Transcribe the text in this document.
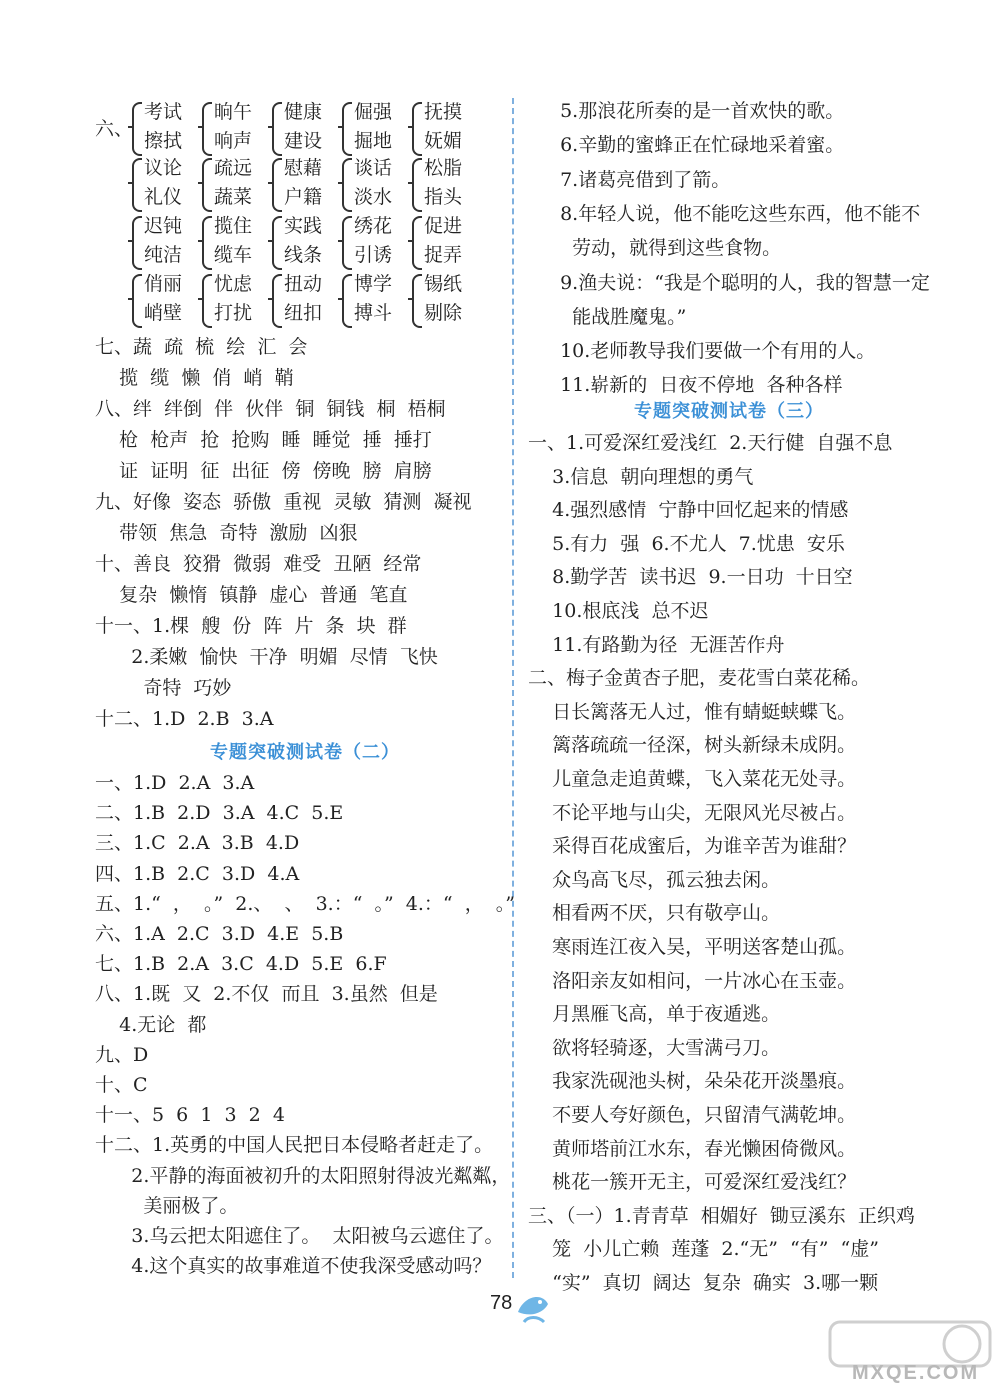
六、
考试
擦拭
晌午
响声
健康
建设
倔强
掘地
抚摸
妩媚
议论
礼仪
疏远
蔬菜
慰藉
户籍
谈话
淡水
松脂
指头
迟钝
纯洁
揽住
缆车
实践
线条
绣花
引诱
促进
捉弄
俏丽
峭壁
忧虑
打扰
扭动
纽扣
博学
搏斗
锡纸
剔除
七、蔬  疏  梳  绘  汇  会
揽  缆  懒  俏  峭  鞘
八、绊  绊倒  伴  伙伴  铜  铜钱  桐  梧桐
枪  枪声  抢  抢购  睡  睡觉  捶  捶打
证  证明  征  出征  傍  傍晚  膀  肩膀
九、好像  姿态  骄傲  重视  灵敏  猜测  凝视
带领  焦急  奇特  激励  凶狠
十、善良  狡猾  微弱  难受  丑陋  经常
复杂  懒惰  镇静  虚心  普通  笔直
十一、1.棵  艘  份  阵  片  条  块  群
2.柔嫩  愉快  干净  明媚  尽情  飞快
奇特  巧妙
十二、1.D  2.B  3.A
一、1.D  2.A  3.A
二、1.B  2.D  3.A  4.C  5.E
三、1.C  2.A  3.B  4.D
四、1.B  2.C  3.D  4.A
五、1.“  ，  。”  2.、  、  3.：“  。”  4.：“  ，  。”
六、1.A  2.C  3.D  4.E  5.B
七、1.B  2.A  3.C  4.D  5.E  6.F
八、1.既  又  2.不仅  而且  3.虽然  但是
4.无论  都
九、D
十、C
十一、5  6  1  3  2  4
十二、1.英勇的中国人民把日本侵略者赶走了。
2.平静的海面被初升的太阳照射得波光粼粼，
美丽极了。
3.乌云把太阳遮住了。  太阳被乌云遮住了。
4.这个真实的故事难道不使我深受感动吗？
5.那浪花所奏的是一首欢快的歌。
6.辛勤的蜜蜂正在忙碌地采着蜜。
7.诸葛亮借到了箭。
8.年轻人说，他不能吃这些东西，他不能不
劳动，就得到这些食物。
9.渔夫说：“我是个聪明的人，我的智慧一定
能战胜魔鬼。”
10.老师教导我们要做一个有用的人。
11.崭新的  日夜不停地  各种各样
一、1.可爱深红爱浅红  2.天行健  自强不息
3.信息  朝向理想的勇气
4.强烈感情  宁静中回忆起来的情感
5.有力  强  6.不尤人  7.忧患  安乐
8.勤学苦  读书迟  9.一日功  十日空
10.根底浅  总不迟
11.有路勤为径  无涯苦作舟
二、梅子金黄杏子肥，麦花雪白菜花稀。
日长篱落无人过，惟有蜻蜓蛱蝶飞。
篱落疏疏一径深，树头新绿未成阴。
儿童急走追黄蝶，飞入菜花无处寻。
不论平地与山尖，无限风光尽被占。
采得百花成蜜后，为谁辛苦为谁甜？
众鸟高飞尽，孤云独去闲。
相看两不厌，只有敬亭山。
寒雨连江夜入吴，平明送客楚山孤。
洛阳亲友如相问，一片冰心在玉壶。
月黑雁飞高，单于夜遁逃。
欲将轻骑逐，大雪满弓刀。
我家洗砚池头树，朵朵花开淡墨痕。
不要人夸好颜色，只留清气满乾坤。
黄师塔前江水东，春光懒困倚微风。
桃花一簇开无主，可爱深红爱浅红？
三、（一）1.青青草  相媚好  锄豆溪东  正织鸡
笼  小儿亡赖  莲蓬  2.“无”  “有”  “虚”
“实”  真切  阔达  复杂  确实  3.哪一颗
专题突破测试卷（二）
专题突破测试卷（三）
78
MXQE.COM
